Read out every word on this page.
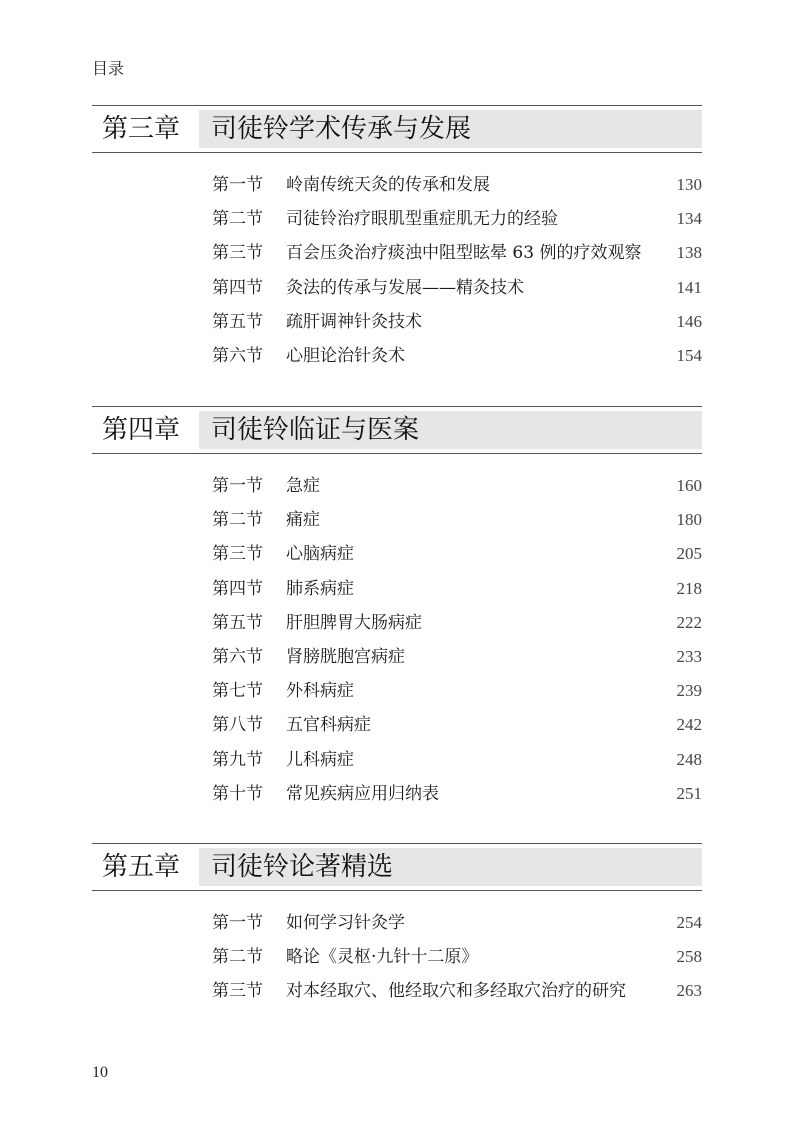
目录
第三章 司徒铃学术传承与发展
第一节 岭南传统天灸的传承和发展	130
第二节 司徒铃治疗眼肌型重症肌无力的经验	134
第三节 百会压灸治疗痰浊中阻型眩晕 63 例的疗效观察 138
第四节 灸法的传承与发展——精灸技术	141
第五节 疏肝调神针灸技术	146
第六节 心胆论治针灸术	154
第四章 司徒铃临证与医案
第一节 急症	160
第二节 痛症	180
第三节 心脑病症	205
第四节 肺系病症	218
第五节 肝胆脾胃大肠病症	222
第六节 肾膀胱胞宫病症	233
第七节 外科病症	239
第八节 五官科病症	242
第九节 儿科病症	248
第十节 常见疾病应用归纳表	251
第五章 司徒铃论著精选
第一节 如何学习针灸学	254
第二节 略论《灵枢·九针十二原》	258
第三节 对本经取穴、他经取穴和多经取穴治疗的研究	263
10
